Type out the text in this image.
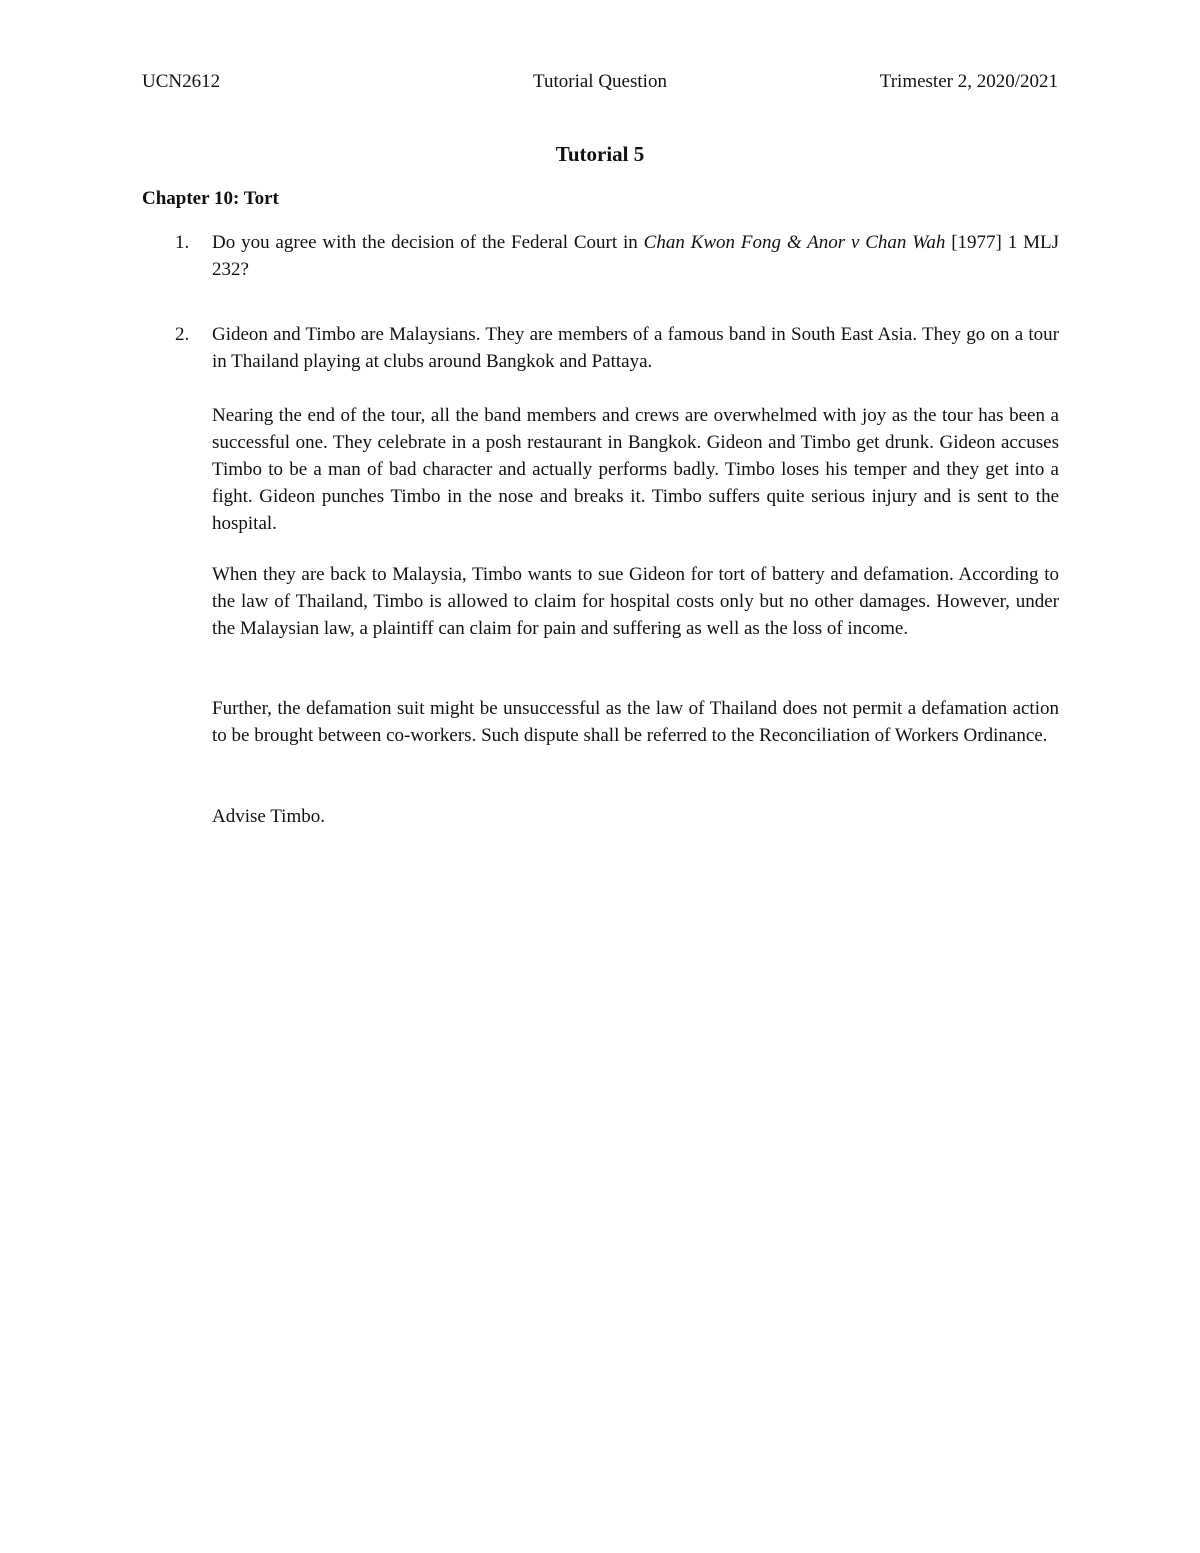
UCN2612	Tutorial Question	Trimester 2, 2020/2021
Tutorial 5
Chapter 10: Tort
1. Do you agree with the decision of the Federal Court in Chan Kwon Fong & Anor v Chan Wah [1977] 1 MLJ 232?
2. Gideon and Timbo are Malaysians. They are members of a famous band in South East Asia. They go on a tour in Thailand playing at clubs around Bangkok and Pattaya.

Nearing the end of the tour, all the band members and crews are overwhelmed with joy as the tour has been a successful one. They celebrate in a posh restaurant in Bangkok. Gideon and Timbo get drunk. Gideon accuses Timbo to be a man of bad character and actually performs badly. Timbo loses his temper and they get into a fight. Gideon punches Timbo in the nose and breaks it. Timbo suffers quite serious injury and is sent to the hospital.

When they are back to Malaysia, Timbo wants to sue Gideon for tort of battery and defamation. According to the law of Thailand, Timbo is allowed to claim for hospital costs only but no other damages. However, under the Malaysian law, a plaintiff can claim for pain and suffering as well as the loss of income.

Further, the defamation suit might be unsuccessful as the law of Thailand does not permit a defamation action to be brought between co-workers. Such dispute shall be referred to the Reconciliation of Workers Ordinance.

Advise Timbo.
